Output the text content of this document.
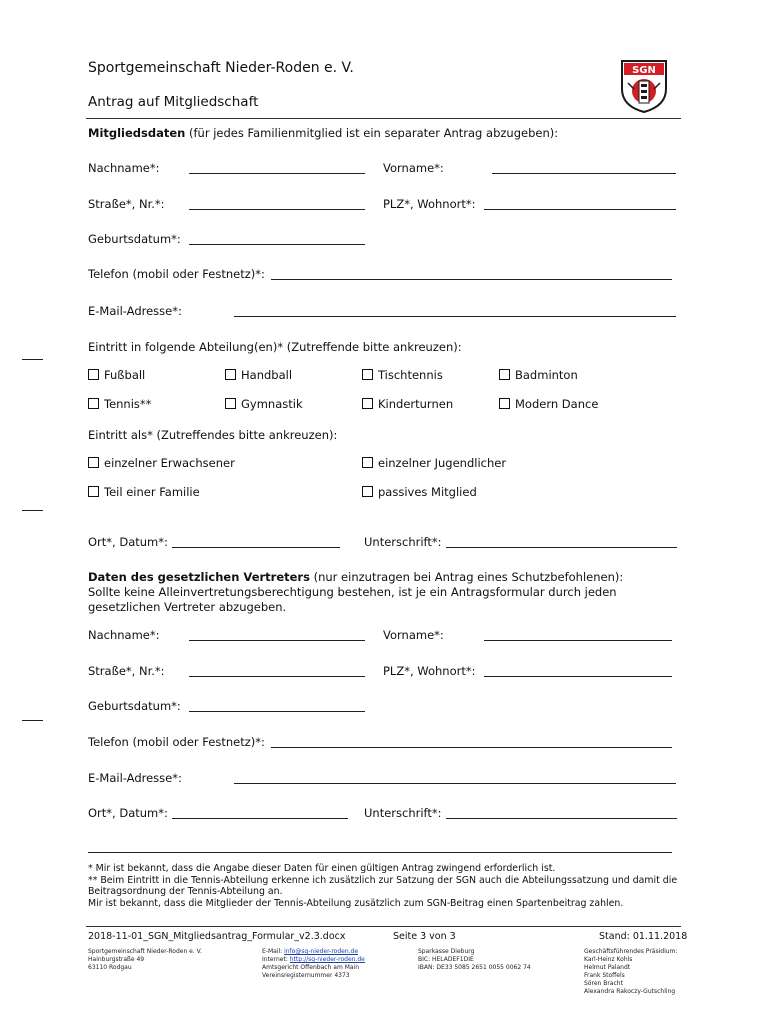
Sportgemeinschaft Nieder-Roden e. V.
Antrag auf Mitgliedschaft
SGN
Mitgliedsdaten (für jedes Familienmitglied ist ein separater Antrag abzugeben):
Nachname*:	Vorname*:
Straße*, Nr.*:	PLZ*, Wohnort*:
Geburtsdatum*:
Telefon (mobil oder Festnetz)*:
E-Mail-Adresse*:
Eintritt in folgende Abteilung(en)* (Zutreffende bitte ankreuzen):
Fußball	Handball	Tischtennis	Badminton
Tennis**	Gymnastik	Kinderturnen	Modern Dance
Eintritt als* (Zutreffendes bitte ankreuzen):
einzelner Erwachsener	einzelner Jugendlicher
Teil einer Familie	passives Mitglied
Ort*, Datum*:	Unterschrift*:
Daten des gesetzlichen Vertreters (nur einzutragen bei Antrag eines Schutzbefohlenen):
Sollte keine Alleinvertretungsberechtigung bestehen, ist je ein Antragsformular durch jeden
gesetzlichen Vertreter abzugeben.
Nachname*:	Vorname*:
Straße*, Nr.*:	PLZ*, Wohnort*:
Geburtsdatum*:
Telefon (mobil oder Festnetz)*:
E-Mail-Adresse*:
Ort*, Datum*:	Unterschrift*:
* Mir ist bekannt, dass die Angabe dieser Daten für einen gültigen Antrag zwingend erforderlich ist.
** Beim Eintritt in die Tennis-Abteilung erkenne ich zusätzlich zur Satzung der SGN auch die Abteilungssatzung und damit die
Beitragsordnung der Tennis-Abteilung an.
Mir ist bekannt, dass die Mitglieder der Tennis-Abteilung zusätzlich zum SGN-Beitrag einen Spartenbeitrag zahlen.
2018-11-01_SGN_Mitgliedsantrag_Formular_v2.3.docx	Seite 3 von 3	Stand: 01.11.2018
Sportgemeinschaft Nieder-Roden e. V.
Hainburgstraße 49
63110 Rodgau
E-Mail: info@sg-nieder-roden.de
Internet: http://sg-nieder-roden.de
Amtsgericht Offenbach am Main
Vereinsregisternummer 4373
Sparkasse Dieburg
BIC: HELADEF1DIE
IBAN: DE33 5085 2651 0055 0062 74
Geschäftsführendes Präsidium:
Karl-Heinz Kohls
Helmut Palandt
Frank Stoffels
Sören Bracht
Alexandra Rakoczy-Gutschling
